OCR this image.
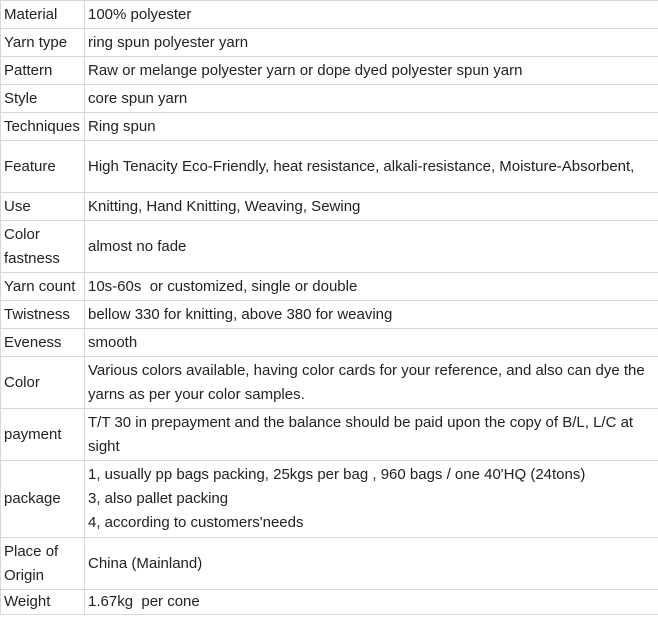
Material	100% polyester
Yarn type	ring spun polyester yarn
Pattern	Raw or melange polyester yarn or dope dyed polyester spun yarn
Style	core spun yarn
Techniques	Ring spun
Feature	High Tenacity Eco-Friendly, heat resistance, alkali-resistance, Moisture-Absorbent,
Use	Knitting, Hand Knitting, Weaving, Sewing
Color fastness	almost no fade
Yarn count	10s-60s  or customized, single or double
Twistness	bellow 330 for knitting, above 380 for weaving
Eveness	smooth
Color	Various colors available, having color cards for your reference, and also can dye the yarns as per your color samples.
payment	T/T 30 in prepayment and the balance should be paid upon the copy of B/L, L/C at sight
package	1, usually pp bags packing, 25kgs per bag , 960 bags / one 40'HQ (24tons)
3, also pallet packing
4, according to customers'needs

Place of Origin	China (Mainland)
Weight	1.67kg  per cone
